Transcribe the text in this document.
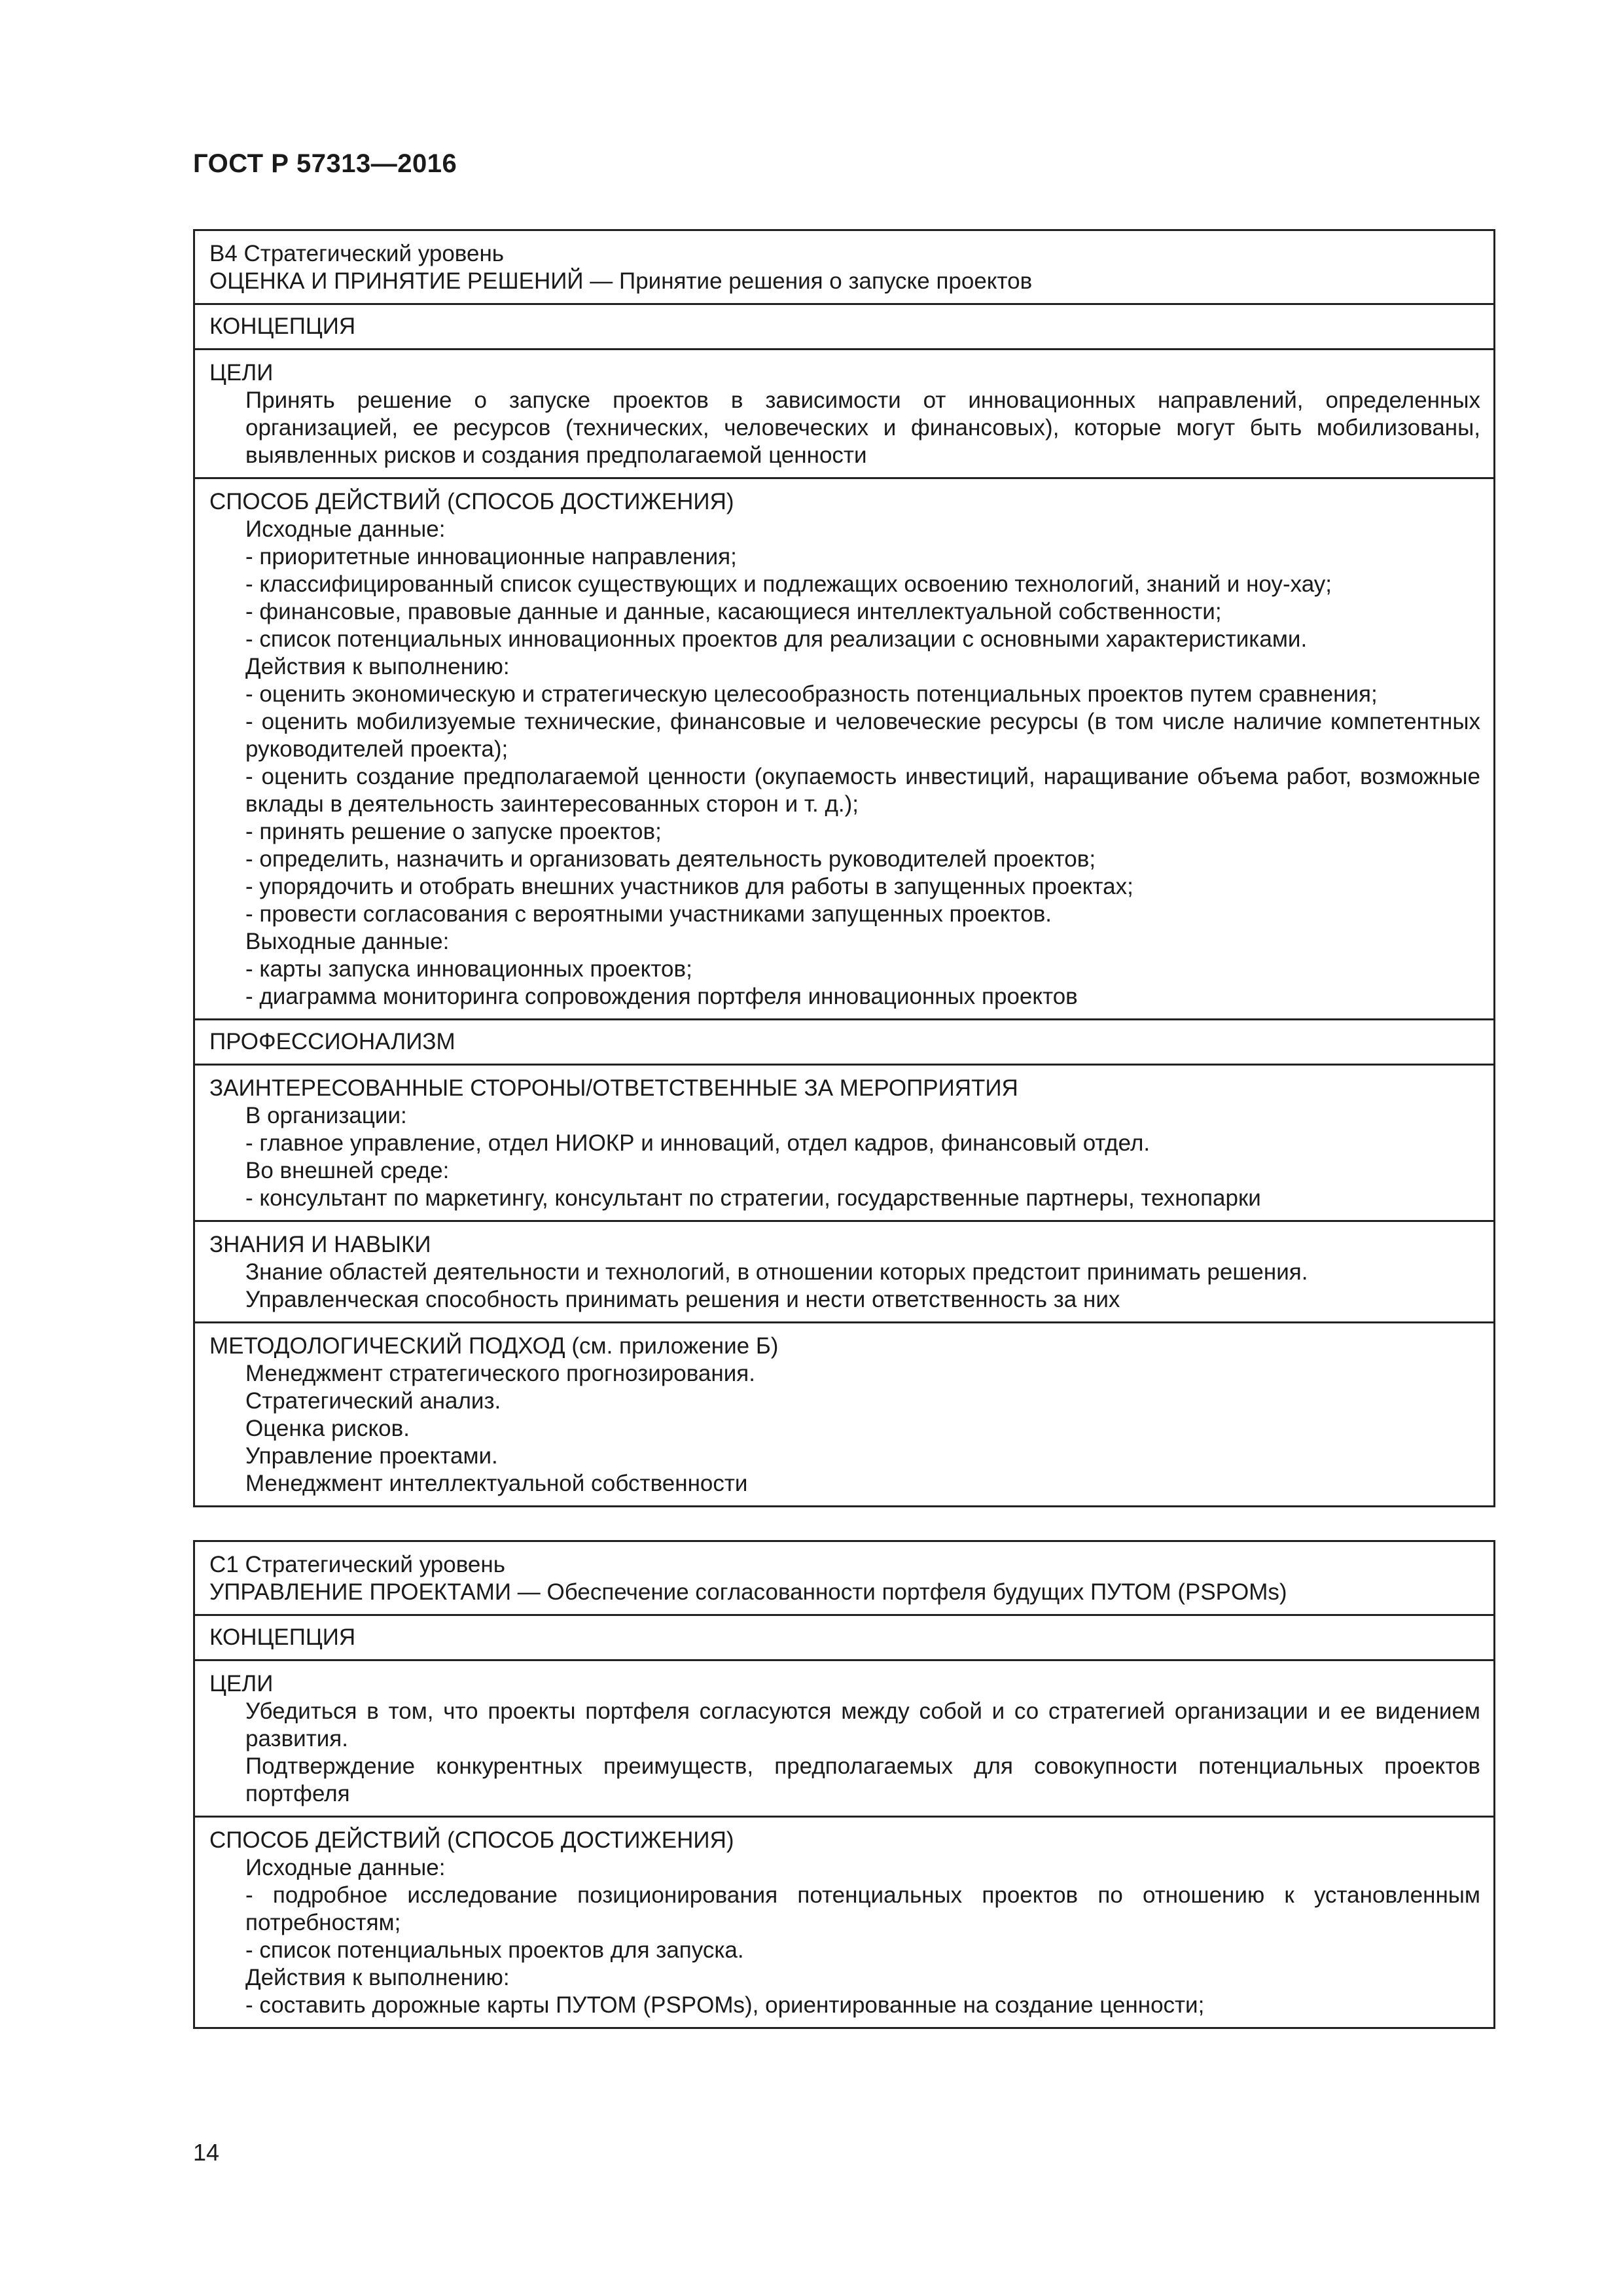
ГОСТ Р 57313—2016
В4 Стратегический уровень
ОЦЕНКА И ПРИНЯТИЕ РЕШЕНИЙ — Принятие решения о запуске проектов
КОНЦЕПЦИЯ
ЦЕЛИ
Принять решение о запуске проектов в зависимости от инновационных направлений, определенных организацией, ее ресурсов (технических, человеческих и финансовых), которые могут быть мобилизованы, выявленных рисков и создания предполагаемой ценности
СПОСОБ ДЕЙСТВИЙ (СПОСОБ ДОСТИЖЕНИЯ)
Исходные данные:
- приоритетные инновационные направления;
- классифицированный список существующих и подлежащих освоению технологий, знаний и ноу-хау;
- финансовые, правовые данные и данные, касающиеся интеллектуальной собственности;
- список потенциальных инновационных проектов для реализации с основными характеристиками.
Действия к выполнению:
- оценить экономическую и стратегическую целесообразность потенциальных проектов путем сравнения;
- оценить мобилизуемые технические, финансовые и человеческие ресурсы (в том числе наличие компетентных руководителей проекта);
- оценить создание предполагаемой ценности (окупаемость инвестиций, наращивание объема работ, возможные вклады в деятельность заинтересованных сторон и т. д.);
- принять решение о запуске проектов;
- определить, назначить и организовать деятельность руководителей проектов;
- упорядочить и отобрать внешних участников для работы в запущенных проектах;
- провести согласования с вероятными участниками запущенных проектов.
Выходные данные:
- карты запуска инновационных проектов;
- диаграмма мониторинга сопровождения портфеля инновационных проектов
ПРОФЕССИОНАЛИЗМ
ЗАИНТЕРЕСОВАННЫЕ СТОРОНЫ/ОТВЕТСТВЕННЫЕ ЗА МЕРОПРИЯТИЯ
В организации:
- главное управление, отдел НИОКР и инноваций, отдел кадров, финансовый отдел.
Во внешней среде:
- консультант по маркетингу, консультант по стратегии, государственные партнеры, технопарки
ЗНАНИЯ И НАВЫКИ
Знание областей деятельности и технологий, в отношении которых предстоит принимать решения.
Управленческая способность принимать решения и нести ответственность за них
МЕТОДОЛОГИЧЕСКИЙ ПОДХОД (см. приложение Б)
Менеджмент стратегического прогнозирования.
Стратегический анализ.
Оценка рисков.
Управление проектами.
Менеджмент интеллектуальной собственности
С1 Стратегический уровень
УПРАВЛЕНИЕ ПРОЕКТАМИ — Обеспечение согласованности портфеля будущих ПУТОМ (PSPOMs)
КОНЦЕПЦИЯ
ЦЕЛИ
Убедиться в том, что проекты портфеля согласуются между собой и со стратегией организации и ее видением развития.
Подтверждение конкурентных преимуществ, предполагаемых для совокупности потенциальных проектов портфеля
СПОСОБ ДЕЙСТВИЙ (СПОСОБ ДОСТИЖЕНИЯ)
Исходные данные:
- подробное исследование позиционирования потенциальных проектов по отношению к установленным потребностям;
- список потенциальных проектов для запуска.
Действия к выполнению:
- составить дорожные карты ПУТОМ (PSPOMs), ориентированные на создание ценности;
14
